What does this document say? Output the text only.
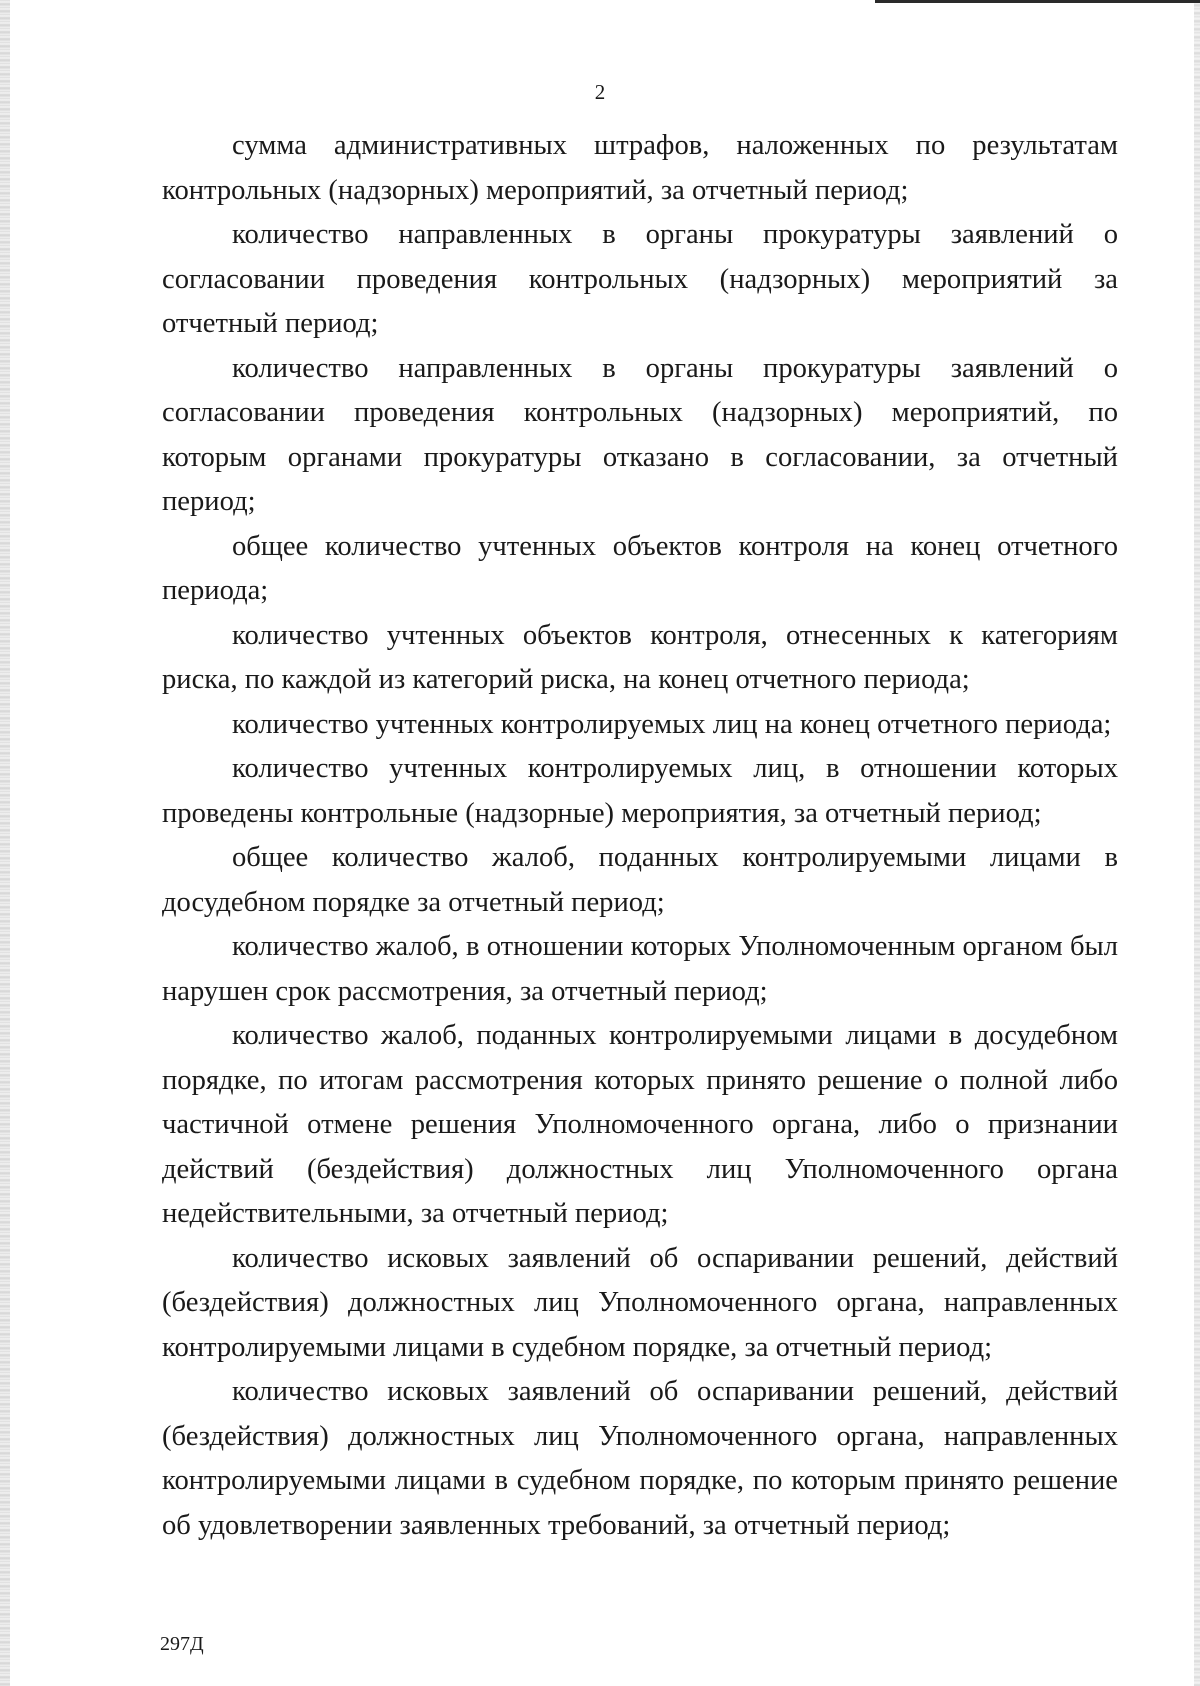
2

сумма административных штрафов, наложенных по результатам контрольных (надзорных) мероприятий, за отчетный период;

количество направленных в органы прокуратуры заявлений о согласовании проведения контрольных (надзорных) мероприятий за отчетный период;

количество направленных в органы прокуратуры заявлений о согласовании проведения контрольных (надзорных) мероприятий, по которым органами прокуратуры отказано в согласовании, за отчетный период;

общее количество учтенных объектов контроля на конец отчетного периода;

количество учтенных объектов контроля, отнесенных к категориям риска, по каждой из категорий риска, на конец отчетного периода;

количество учтенных контролируемых лиц на конец отчетного периода;

количество учтенных контролируемых лиц, в отношении которых проведены контрольные (надзорные) мероприятия, за отчетный период;

общее количество жалоб, поданных контролируемыми лицами в досудебном порядке за отчетный период;

количество жалоб, в отношении которых Уполномоченным органом был нарушен срок рассмотрения, за отчетный период;

количество жалоб, поданных контролируемыми лицами в досудебном порядке, по итогам рассмотрения которых принято решение о полной либо частичной отмене решения Уполномоченного органа, либо о признании действий (бездействия) должностных лиц Уполномоченного органа недействительными, за отчетный период;

количество исковых заявлений об оспаривании решений, действий (бездействия) должностных лиц Уполномоченного органа, направленных контролируемыми лицами в судебном порядке, за отчетный период;

количество исковых заявлений об оспаривании решений, действий (бездействия) должностных лиц Уполномоченного органа, направленных контролируемыми лицами в судебном порядке, по которым принято решение об удовлетворении заявленных требований, за отчетный период;

297Д
